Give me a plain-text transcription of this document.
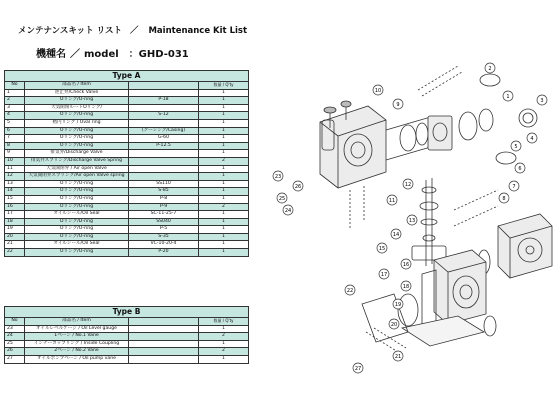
メンテナンスキット リスト ／ Maintenance Kit List
機種名 ／ model ：GHD-031
Type A			
No	部品名 / Item		数量 / Q'ty
1	逆止弁/Check Valve		1
2	Oリング/O-ring	P-18	1
3	大気開閉ルートOリング/		1
4	Oリング/O-ring	S-12	1
5	楕円リング / Oval ring		1
6	Oリング/O-ring	(クーシング/Casing)	1
7	Oリング/O-ring	G-60	1
8	Oリング/O-ring	P-12.5	1
9	排気弁/Discharge Valve		1
10	排気弁スプリング/Discharge Valve Spring		2
11	大気開閉弁 / Air open Valve		1
12	大気開閉弁スプリング/Air open Valve spring		1
13	Oリング/O-ring	SS110	1
14	Oリング/O-ring	S-85	1
15	Oリング/O-ring	P-8	1
16	Oリング/O-ring	P-9	2
17	オイルシール/Oil Seal	SC-11-25-7	1
18	Dリング/D-ring	SS040	1
19	Oリング/O-ring	P-5	1
20	Oリング/O-ring	S-35	1
21	オイルシール/Oil Seal	VC-10-20-4	1
22	Oリング/O-ring	P-20	1
Type B			
No	部品名 / Item		数量 / Q'ty
23	オイルレベルゲージ / Oil Level gauge		1
24	1ベーン / No.1 Vane		2
25	インナーカップリング / Inside Coupling		1
26	2ベーン / No.2 Vane		2
27	オイルポンプベーン / Oil pump vane		1
1
2
3
4
5
6
7
8
9
10
11
12
13
14
15
16
17
18
19
20
21
22
23
24
25
26
27
